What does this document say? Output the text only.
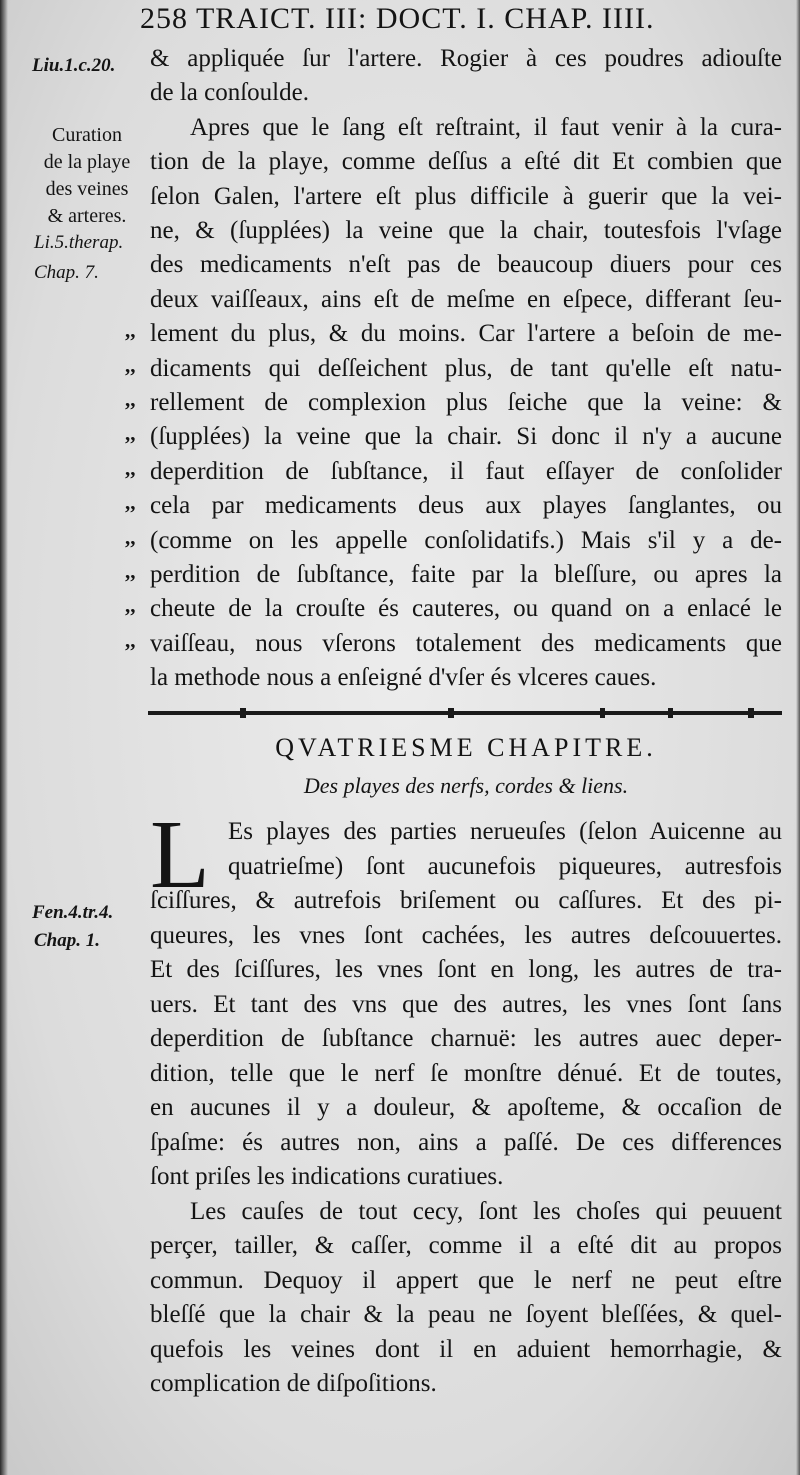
258 TRAICT. III: DOCT. I. CHAP. IIII.
Liu.1.c.20.
Curation
de la playe
des veines
& arteres.
Li.5.therap.
Chap. 7.
Fen.4.tr.4.
Chap. 1.
& appliquée ſur l'artere. Rogier à ces poudres adiouſte
de la conſoulde.
Apres que le ſang eſt reſtraint, il faut venir à la cura-
tion de la playe, comme deſſus a eſté dit Et combien que
ſelon Galen, l'artere eſt plus difficile à guerir que la vei-
ne, & (ſupplées) la veine que la chair, toutesfois l'vſage
des medicaments n'eſt pas de beaucoup diuers pour ces
deux vaiſſeaux, ains eſt de meſme en eſpece, differant ſeu-
lement du plus, & du moins. Car l'artere a beſoin de me-
dicaments qui deſſeichent plus, de tant qu'elle eſt natu-
rellement de complexion plus ſeiche que la veine: &
(ſupplées) la veine que la chair. Si donc il n'y a aucune
deperdition de ſubſtance, il faut eſſayer de conſolider
cela par medicaments deus aux playes ſanglantes, ou
(comme on les appelle conſolidatifs.) Mais s'il y a de-
perdition de ſubſtance, faite par la bleſſure, ou apres la
cheute de la crouſte és cauteres, ou quand on a enlacé le
vaiſſeau, nous vſerons totalement des medicaments que
la methode nous a enſeigné d'vſer és vlceres caues.
QVATRIESME CHAPITRE.
Des playes des nerfs, cordes & liens.
L Es playes des parties nerueuſes (ſelon Auicenne au
quatrieſme) ſont aucunefois piqueures, autresfois
ſciſſures, & autrefois briſement ou caſſures. Et des pi-
queures, les vnes ſont cachées, les autres deſcouuertes.
Et des ſciſſures, les vnes ſont en long, les autres de tra-
uers. Et tant des vns que des autres, les vnes ſont ſans
deperdition de ſubſtance charnuë: les autres auec deper-
dition, telle que le nerf ſe monſtre dénué. Et de toutes,
en aucunes il y a douleur, & apoſteme, & occaſion de
ſpaſme: és autres non, ains a paſſé. De ces differences
ſont priſes les indications curatiues.
Les cauſes de tout cecy, ſont les choſes qui peuuent
perçer, tailler, & caſſer, comme il a eſté dit au propos
commun. Dequoy il appert que le nerf ne peut eſtre
bleſſé que la chair & la peau ne ſoyent bleſſées, & quel-
quefois les veines dont il en aduient hemorrhagie, &
complication de diſpoſitions.
,,
,,
,,
,,
,,
,,
,,
,,
,,
,,
